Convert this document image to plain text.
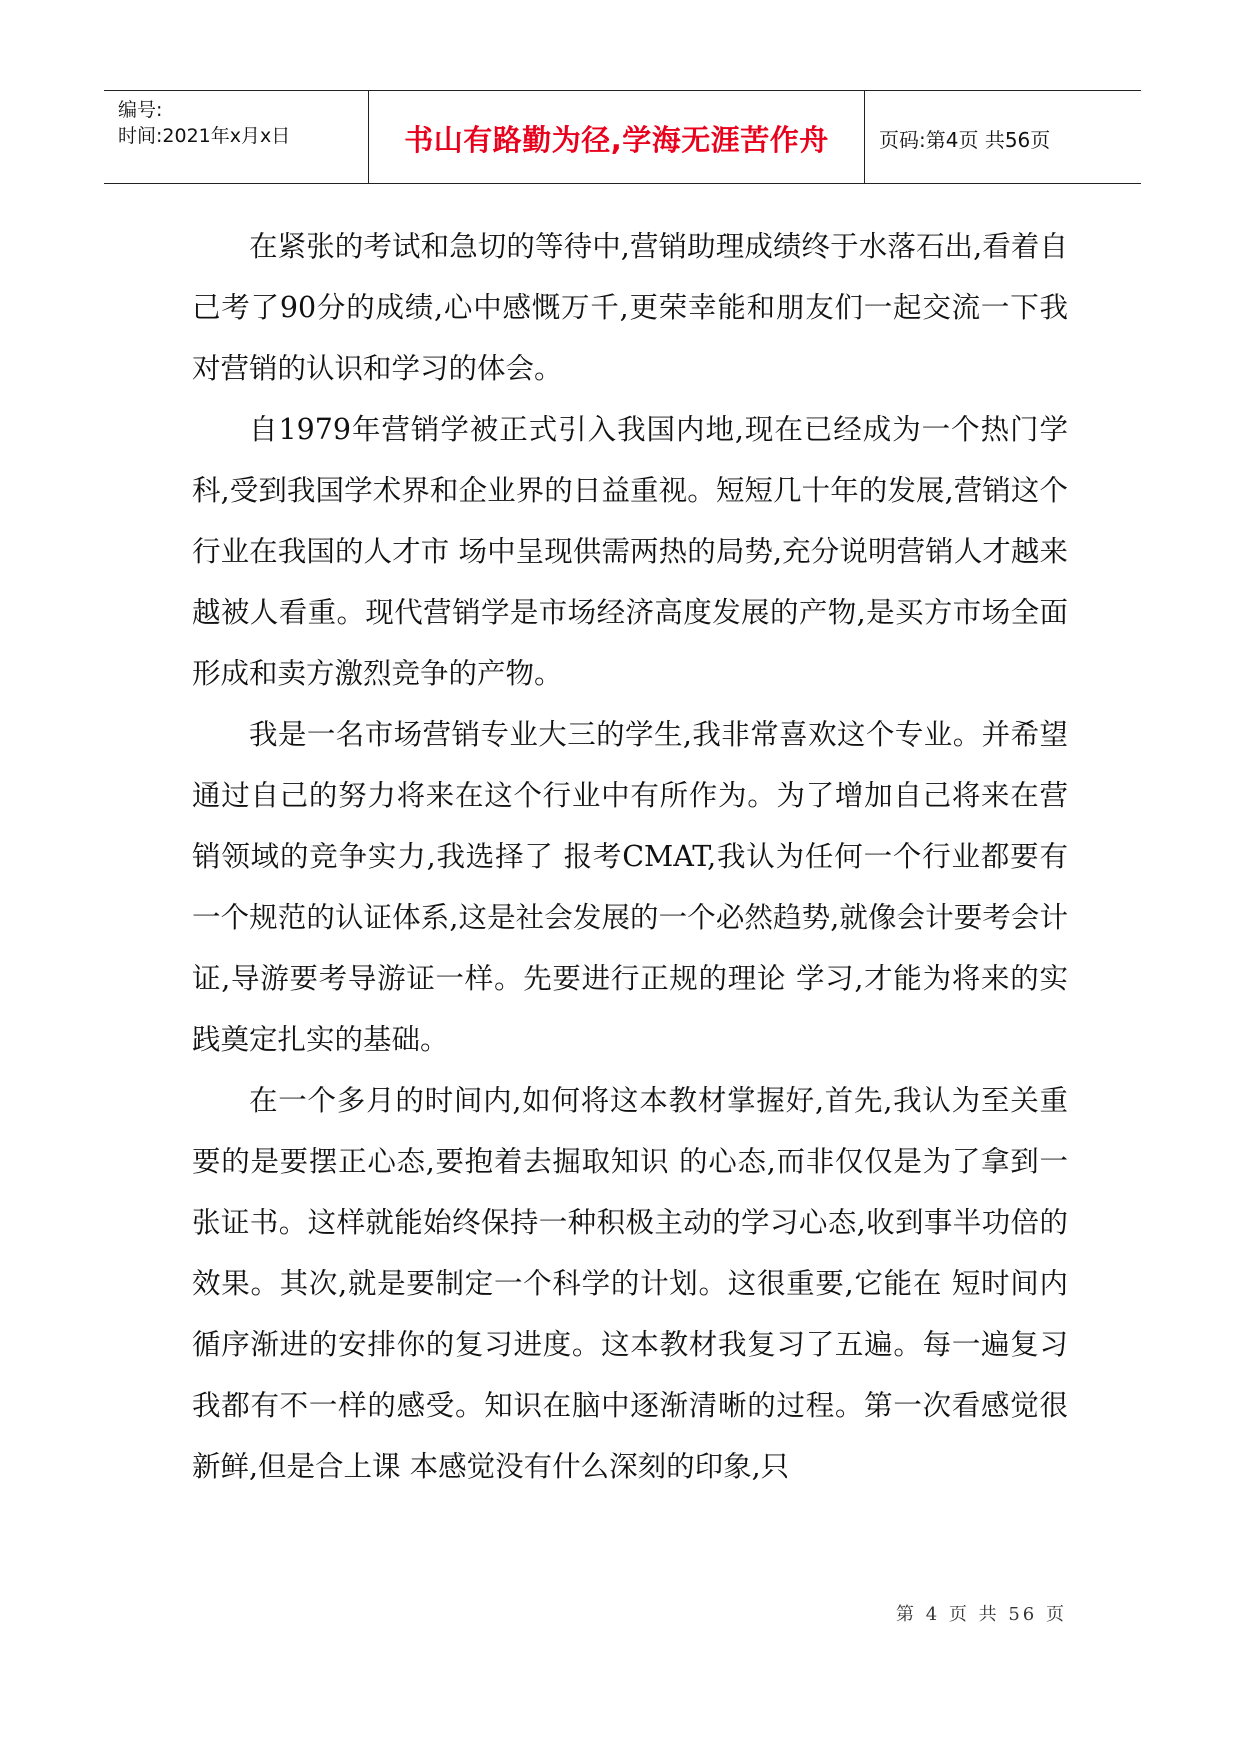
编号:
时间:2021年x月x日	书山有路勤为径,学海无涯苦作舟	页码:第4页 共56页

在紧张的考试和急切的等待中,营销助理成绩终于水落石出,看着自己考了90分的成绩,心中感慨万千,更荣幸能和朋友们一起交流一下我对营销的认识和学习的体会。

自1979年营销学被正式引入我国内地,现在已经成为一个热门学科,受到我国学术界和企业界的日益重视。短短几十年的发展,营销这个行业在我国的人才市 场中呈现供需两热的局势,充分说明营销人才越来越被人看重。现代营销学是市场经济高度发展的产物,是买方市场全面形成和卖方激烈竞争的产物。

我是一名市场营销专业大三的学生,我非常喜欢这个专业。并希望通过自己的努力将来在这个行业中有所作为。为了增加自己将来在营销领域的竞争实力,我选择了 报考CMAT,我认为任何一个行业都要有一个规范的认证体系,这是社会发展的一个必然趋势,就像会计要考会计证,导游要考导游证一样。先要进行正规的理论 学习,才能为将来的实践奠定扎实的基础。

在一个多月的时间内,如何将这本教材掌握好,首先,我认为至关重要的是要摆正心态,要抱着去掘取知识 的心态,而非仅仅是为了拿到一张证书。这样就能始终保持一种积极主动的学习心态,收到事半功倍的效果。其次,就是要制定一个科学的计划。这很重要,它能在 短时间内循序渐进的安排你的复习进度。这本教材我复习了五遍。每一遍复习我都有不一样的感受。知识在脑中逐渐清晰的过程。第一次看感觉很新鲜,但是合上课 本感觉没有什么深刻的印象,只

第 4 页 共 56 页
